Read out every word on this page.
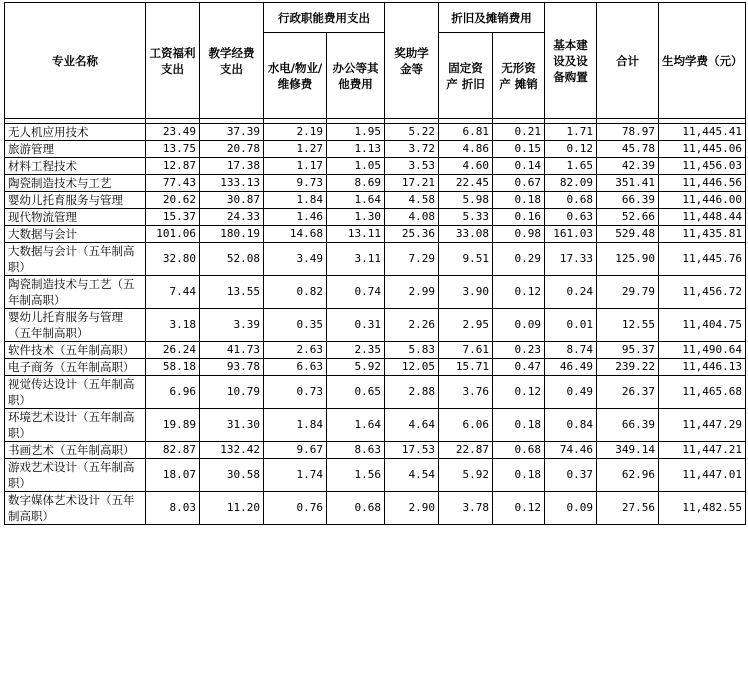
专业名称	工资福利 支出	教学经费 支出	行政职能费用支出		奖助学 金等	折旧及摊销费用		基本建 设及设备购置	合计	生均学费（元）
			水电/物业/维修费	办公等其他费用		固定资 产 折旧	无形资 产 摊销			

无人机应用技术	23.49	37.39	2.19	1.95	5.22	6.81	0.21	1.71	78.97	11,445.41
旅游管理	13.75	20.78	1.27	1.13	3.72	4.86	0.15	0.12	45.78	11,445.06
材料工程技术	12.87	17.38	1.17	1.05	3.53	4.60	0.14	1.65	42.39	11,456.03
陶瓷制造技术与工艺	77.43	133.13	9.73	8.69	17.21	22.45	0.67	82.09	351.41	11,446.56
婴幼儿托育服务与管理	20.62	30.87	1.84	1.64	4.58	5.98	0.18	0.68	66.39	11,446.00
现代物流管理	15.37	24.33	1.46	1.30	4.08	5.33	0.16	0.63	52.66	11,448.44
大数据与会计	101.06	180.19	14.68	13.11	25.36	33.08	0.98	161.03	529.48	11,435.81
大数据与会计（五年制高职）	32.80	52.08	3.49	3.11	7.29	9.51	0.29	17.33	125.90	11,445.76
陶瓷制造技术与工艺（五年制高职）	7.44	13.55	0.82	0.74	2.99	3.90	0.12	0.24	29.79	11,456.72
婴幼儿托育服务与管理（五年制高职）	3.18	3.39	0.35	0.31	2.26	2.95	0.09	0.01	12.55	11,404.75
软件技术（五年制高职）	26.24	41.73	2.63	2.35	5.83	7.61	0.23	8.74	95.37	11,490.64
电子商务（五年制高职）	58.18	93.78	6.63	5.92	12.05	15.71	0.47	46.49	239.22	11,446.13
视觉传达设计（五年制高职）	6.96	10.79	0.73	0.65	2.88	3.76	0.12	0.49	26.37	11,465.68
环境艺术设计（五年制高职）	19.89	31.30	1.84	1.64	4.64	6.06	0.18	0.84	66.39	11,447.29
书画艺术（五年制高职）	82.87	132.42	9.67	8.63	17.53	22.87	0.68	74.46	349.14	11,447.21
游戏艺术设计（五年制高职）	18.07	30.58	1.74	1.56	4.54	5.92	0.18	0.37	62.96	11,447.01
数字媒体艺术设计（五年制高职）	8.03	11.20	0.76	0.68	2.90	3.78	0.12	0.09	27.56	11,482.55
